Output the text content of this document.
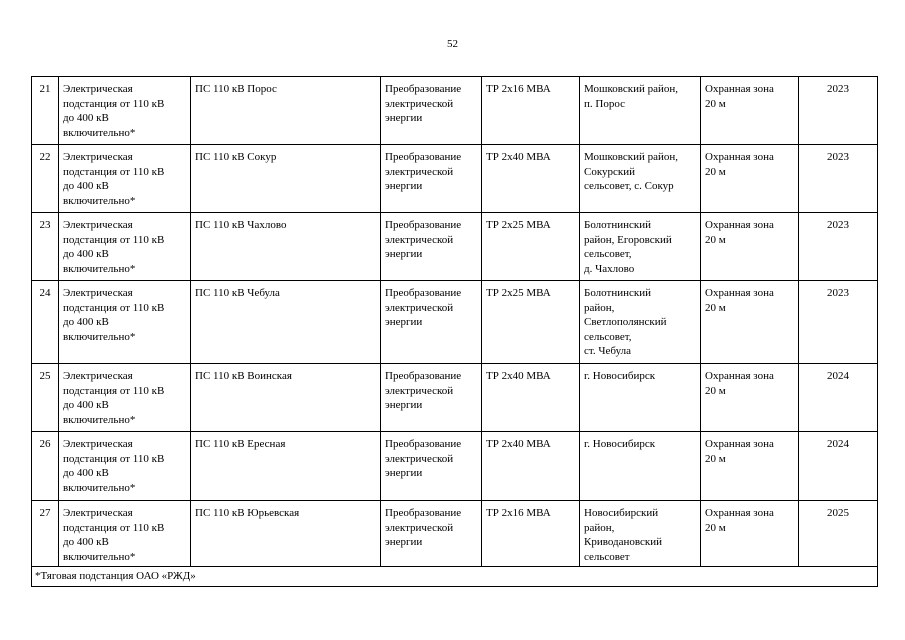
52
21	Электрическая
подстанция от 110 кВ
до 400 кВ
включительно*	ПС 110 кВ Порос	Преобразование
электрической
энергии	ТР 2х16 МВА	Мошковский район,
п. Порос	Охранная зона
20 м	2023
22	Электрическая
подстанция от 110 кВ
до 400 кВ
включительно*	ПС 110 кВ Сокур	Преобразование
электрической
энергии	ТР 2х40 МВА	Мошковский район,
Сокурский
сельсовет, с. Сокур	Охранная зона
20 м	2023
23	Электрическая
подстанция от 110 кВ
до 400 кВ
включительно*	ПС 110 кВ Чахлово	Преобразование
электрической
энергии	ТР 2х25 МВА	Болотнинский
район, Егоровский
сельсовет,
д. Чахлово	Охранная зона
20 м	2023
24	Электрическая
подстанция от 110 кВ
до 400 кВ
включительно*	ПС 110 кВ Чебула	Преобразование
электрической
энергии	ТР 2х25 МВА	Болотнинский
район,
Светлополянский
сельсовет,
ст. Чебула	Охранная зона
20 м	2023
25	Электрическая
подстанция от 110 кВ
до 400 кВ
включительно*	ПС 110 кВ Воинская	Преобразование
электрической
энергии	ТР 2х40 МВА	г. Новосибирск	Охранная зона
20 м	2024
26	Электрическая
подстанция от 110 кВ
до 400 кВ
включительно*	ПС 110 кВ Ересная	Преобразование
электрической
энергии	ТР 2х40 МВА	г. Новосибирск	Охранная зона
20 м	2024
27	Электрическая
подстанция от 110 кВ
до 400 кВ
включительно*	ПС 110 кВ Юрьевская	Преобразование
электрической
энергии	ТР 2х16 МВА	Новосибирский
район,
Криводановский
сельсовет	Охранная зона
20 м	2025
*Тяговая подстанция ОАО «РЖД»							
